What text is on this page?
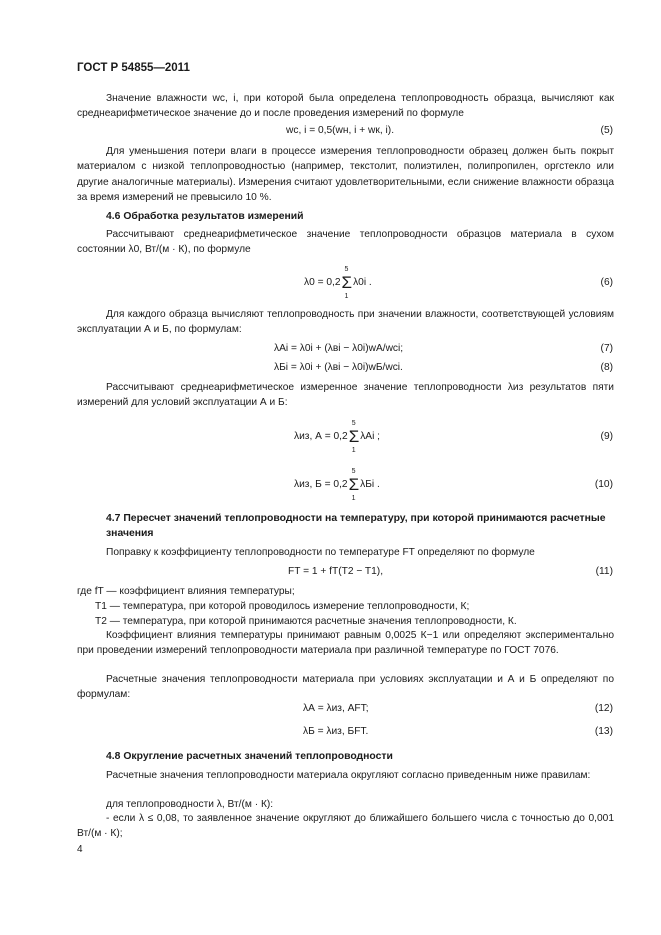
ГОСТ Р 54855—2011

Значение влажности wс, i, при которой была определена теплопроводность образца, вычисляют как среднеарифметическое значение до и после проведения измерений по формуле

wс, i = 0,5(wн, i + wк, i).	(5)

Для уменьшения потери влаги в процессе измерения теплопроводности образец должен быть покрыт материалом с низкой теплопроводностью (например, текстолит, полиэтилен, полипропилен, оргстекло или другие аналогичные материалы). Измерения считают удовлетворительными, если снижение влажности образца за время измерений не превысило 10 %.

4.6 Обработка результатов измерений

Рассчитывают среднеарифметическое значение теплопроводности образцов материала в сухом состоянии λ0, Вт/(м · К), по формуле

λ0 = 0,2Σ
5
1
λ0i .	(6)

Для каждого образца вычисляют теплопроводность при значении влажности, соответствующей условиям эксплуатации А и Б, по формулам:

λAi = λ0i + (λвi − λ0i)wA/wсi;	(7)
λБi = λ0i + (λвi − λ0i)wБ/wсi.	(8)

Рассчитывают среднеарифметическое измеренное значение теплопроводности λиз результатов пяти измерений для условий эксплуатации А и Б:

λиз, А = 0,2Σ
5
1
λAi ;	(9)
λиз, Б = 0,2Σ
5
1
λБi .	(10)

4.7 Пересчет значений теплопроводности на температуру, при которой принимаются расчетные значения

Поправку к коэффициенту теплопроводности по температуре FT определяют по формуле

FT = 1 + fT(T2 − T1),	(11)

где fT — коэффициент влияния температуры;

T1 — температура, при которой проводилось измерение теплопроводности, К;

T2 — температура, при которой принимаются расчетные значения теплопроводности, К.

Коэффициент влияния температуры принимают равным 0,0025 К−1 или определяют экспериментально при проведении измерений теплопроводности материала при различной температуре по ГОСТ 7076.

Расчетные значения теплопроводности материала при условиях эксплуатации и А и Б определяют по формулам:

λА = λиз, АFT;	(12)
λБ = λиз, БFT.	(13)

4.8 Округление расчетных значений теплопроводности

Расчетные значения теплопроводности материала округляют согласно приведенным ниже правилам:

для теплопроводности λ, Вт/(м · К):

- если λ ≤ 0,08, то заявленное значение округляют до ближайшего большего числа с точностью до 0,001 Вт/(м · К);

4
